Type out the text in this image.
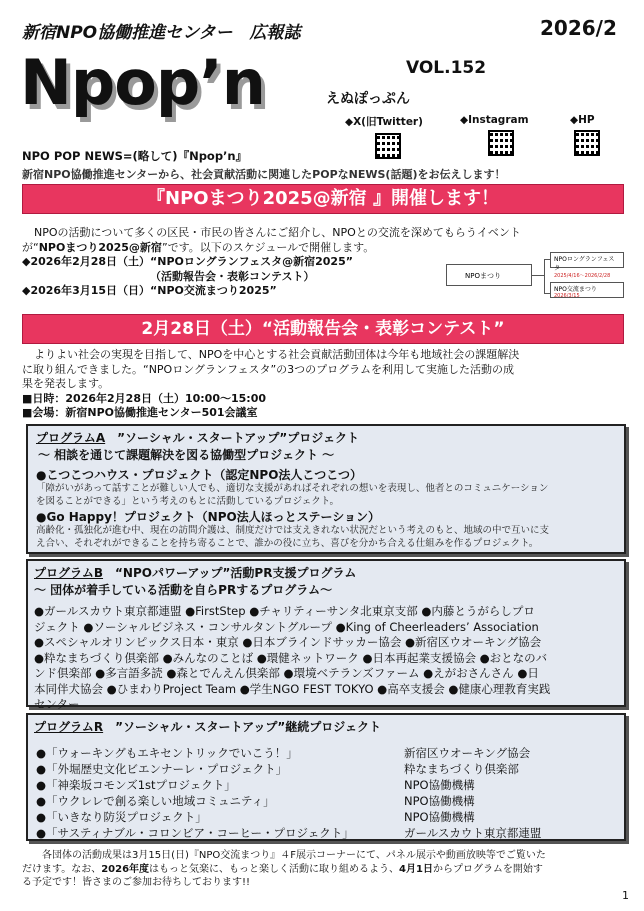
新宿NPO協働推進センター　広報誌	2026/2
Npop’n	VOL.152
えぬぽっぷん
◆X(旧Twitter)	◆Instagram	◆HP
NPO POP NEWS=(略して)『Npop’n』
新宿NPO協働推進センターから、社会貢献活動に関連したPOPなNEWS(話題)をお伝えします！
『NPOまつり2025@新宿 』開催します！
NPOの活動について多くの区民・市民の皆さんにご紹介し、NPOとの交流を深めてもらうイベント
が“NPOまつり2025@新宿”です。以下のスケジュールで開催します。
◆2026年2月28日（土）“NPOロングランフェスタ@新宿2025”
（活動報告会・表彰コンテスト）
◆2026年3月15日（日）“NPO交流まつり2025”
NPOまつり
NPOロングランフェスタ
2025/4/16～2026/2/28
NPO交流まつり
2026/3/15
2月28日（土）“活動報告会・表彰コンテスト”
よりよい社会の実現を目指して、NPOを中心とする社会貢献活動団体は今年も地域社会の課題解決
に取り組んできました。“NPOロングランフェスタ”の3つのプログラムを利用して実施した活動の成
果を発表します。
■日時：2026年2月28日（土）10:00～15:00
■会場：新宿NPO協働推進センター501会議室
プログラムA　”ソーシャル・スタートアップ”プロジェクト
～ 相談を通じて課題解決を図る協働型プロジェクト ～
●こつこつハウス・プロジェクト（認定NPO法人こつこつ）
「障がいがあって話すことが難しい人でも、適切な支援があればそれぞれの想いを表現し、他者とのコミュニケーション
を図ることができる」という考えのもとに活動しているプロジェクト。
●Go Happy！プロジェクト（NPO法人ほっとステーション）
高齢化・孤独化が進む中、現在の訪問介護は、制度だけでは支えきれない状況だという考えのもと、地域の中で互いに支
え合い、それぞれができることを持ち寄ることで、誰かの役に立ち、喜びを分かち合える仕組みを作るプロジェクト。
プログラムB　“NPOパワーアップ”活動PR支援プログラム
～ 団体が着手している活動を自らPRするプログラム～
●ガールスカウト東京都連盟 ●FirstStep ●チャリティーサンタ北東京支部 ●内藤とうがらしプロ
ジェクト ●ソーシャルビジネス・コンサルタントグループ ●King of Cheerleaders’ Association
●スペシャルオリンピックス日本・東京 ●日本ブラインドサッカー協会 ●新宿区ウオーキング協会
●粋なまちづくり倶楽部 ●みんなのことば ●環健ネットワーク ●日本再起業支援協会 ●おとなのバ
ンド倶楽部 ●多言語多読 ●森とでんえん倶楽部 ●環境ベテランズファーム ●えがおさんさん ●日
本同伴犬協会 ●ひまわりProject Team ●学生NGO FEST TOKYO ●高卒支援会 ●健康心理教育実践
センター
プログラムR　”ソーシャル・スタートアップ”継続プロジェクト
●「ウォーキングもエキセントリックでいこう！」	新宿区ウオーキング協会
●「外堀歴史文化ビエンナーレ・プロジェクト」	粋なまちづくり倶楽部
●「神楽坂コモンズ1stプロジェクト」	NPO協働機構
●「ウクレレで創る楽しい地域コミュニティ」	NPO協働機構
●「いきなり防災プロジェクト」	NPO協働機構
●「サスティナブル・コロンビア・コーヒー・プロジェクト」	ガールスカウト東京都連盟
各団体の活動成果は3月15日(日)『NPO交流まつり』４F展示コーナーにて、パネル展示や動画放映等でご覧いた
だけます。なお、2026年度はもっと気楽に、もっと楽しく活動に取り組めるよう、4月1日からプログラムを開始す
る予定です！皆さまのご参加お待ちしております!!
1
